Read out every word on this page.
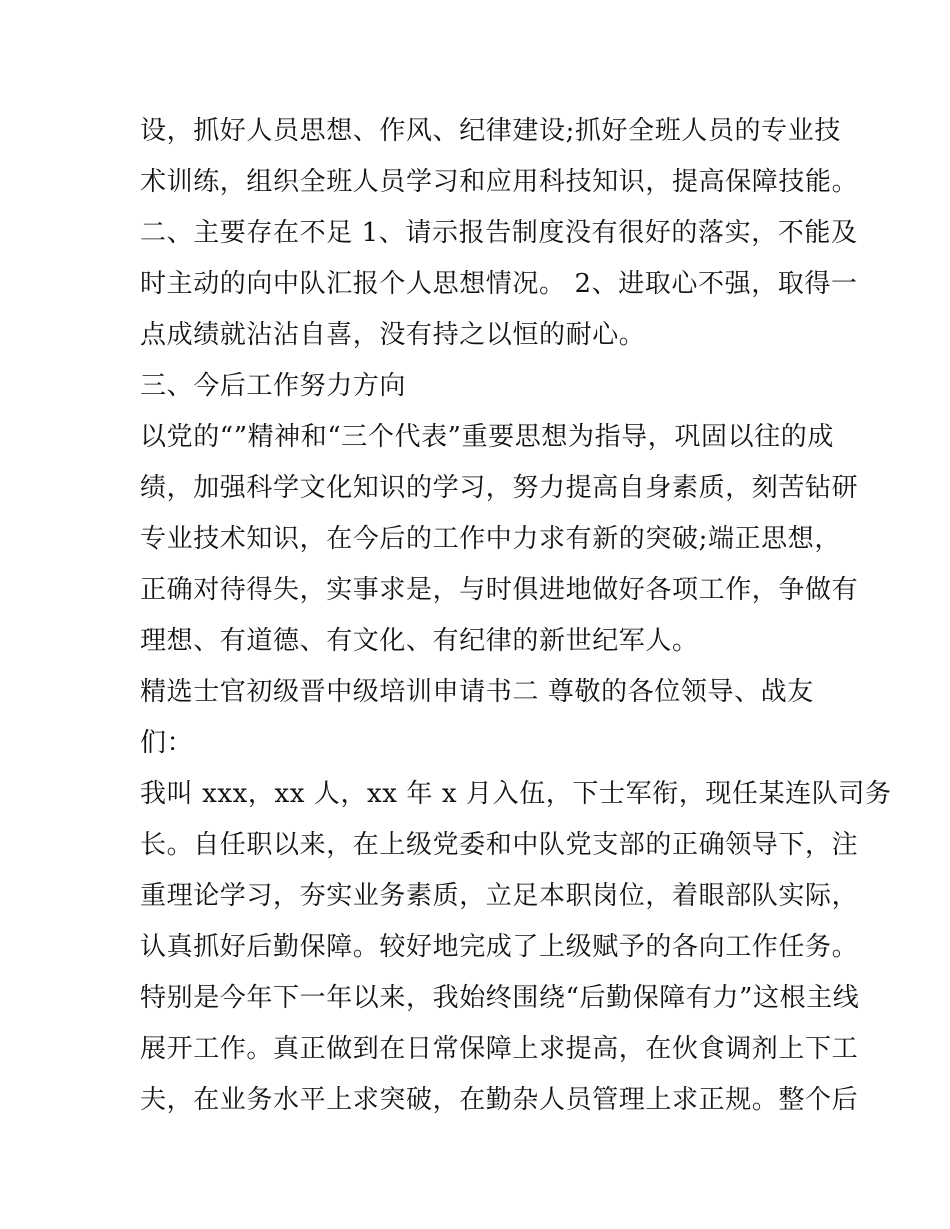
设，抓好人员思想、作风、纪律建设;抓好全班人员的专业技

术训练，组织全班人员学习和应用科技知识，提高保障技能。

二、主要存在不足 1、请示报告制度没有很好的落实，不能及

时主动的向中队汇报个人思想情况。 2、进取心不强，取得一

点成绩就沾沾自喜，没有持之以恒的耐心。

三、今后工作努力方向

以党的“”精神和“三个代表”重要思想为指导，巩固以往的成

绩，加强科学文化知识的学习，努力提高自身素质，刻苦钻研

专业技术知识，在今后的工作中力求有新的突破;端正思想，

正确对待得失，实事求是，与时俱进地做好各项工作，争做有

理想、有道德、有文化、有纪律的新世纪军人。

精选士官初级晋中级培训申请书二 尊敬的各位领导、战友

们：

我叫 xxx，xx 人，xx 年 x 月入伍，下士军衔，现任某连队司务

长。自任职以来，在上级党委和中队党支部的正确领导下，注

重理论学习，夯实业务素质，立足本职岗位，着眼部队实际，

认真抓好后勤保障。较好地完成了上级赋予的各向工作任务。

特别是今年下一年以来，我始终围绕“后勤保障有力”这根主线

展开工作。真正做到在日常保障上求提高，在伙食调剂上下工

夫，在业务水平上求突破，在勤杂人员管理上求正规。整个后
